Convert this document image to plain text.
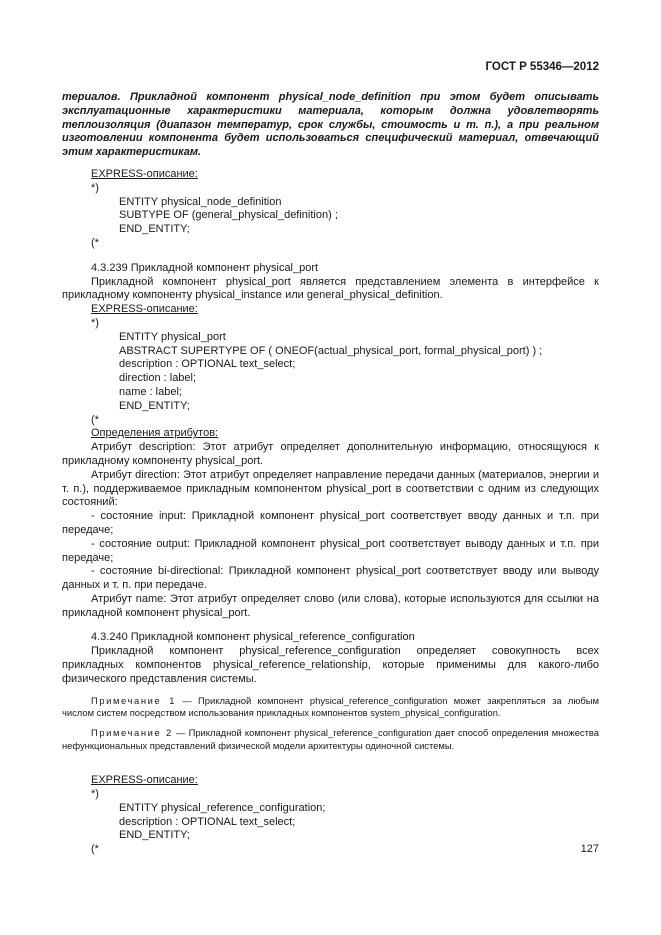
ГОСТ Р 55346—2012

териалов. Прикладной компонент physical_node_definition при этом будет описывать эксплуатационные характеристики материала, которым должна удовлетворять теплоизоляция (диапазон температур, срок службы, стоимость и т. п.), а при реальном изготовлении компонента будет использоваться специфический материал, отвечающий этим характеристикам.

EXPRESS-описание:

*)

ENTITY physical_node_definition

SUBTYPE OF (general_physical_definition) ;

END_ENTITY;

(*

4.3.239 Прикладной компонент physical_port

Прикладной компонент physical_port является представлением элемента в интерфейсе к прикладному компоненту physical_instance или general_physical_definition.

EXPRESS-описание:

*)

ENTITY physical_port

ABSTRACT SUPERTYPE OF ( ONEOF(actual_physical_port, formal_physical_port) ) ;

description : OPTIONAL text_select;

direction : label;

name : label;

END_ENTITY;

(*

Определения атрибутов:

Атрибут description: Этот атрибут определяет дополнительную информацию, относящуюся к прикладному компоненту physical_port.

Атрибут direction: Этот атрибут определяет направление передачи данных (материалов, энергии и т. п.), поддерживаемое прикладным компонентом physical_port в соответствии с одним из следующих состояний:

- состояние input: Прикладной компонент physical_port соответствует вводу данных и т.п. при передаче;

- состояние output: Прикладной компонент physical_port соответствует выводу данных и т.п. при передаче;

- состояние bi-directional: Прикладной компонент physical_port соответствует вводу или выводу данных и т. п. при передаче.

Атрибут name: Этот атрибут определяет слово (или слова), которые используются для ссылки на прикладной компонент physical_port.

4.3.240 Прикладной компонент physical_reference_configuration

Прикладной компонент physical_reference_configuration определяет совокупность всех прикладных компонентов physical_reference_relationship, которые применимы для какого-либо физического представления системы.

Примечание 1 — Прикладной компонент physical_reference_configuration может закрепляться за любым числом систем посредством использования прикладных компонентов system_physical_configuration.

Примечание 2 — Прикладной компонент physical_reference_configuration дает способ определения множества нефункциональных представлений физической модели архитектуры одиночной системы.

EXPRESS-описание:

*)

ENTITY physical_reference_configuration;

description : OPTIONAL text_select;

END_ENTITY;

(*	127
